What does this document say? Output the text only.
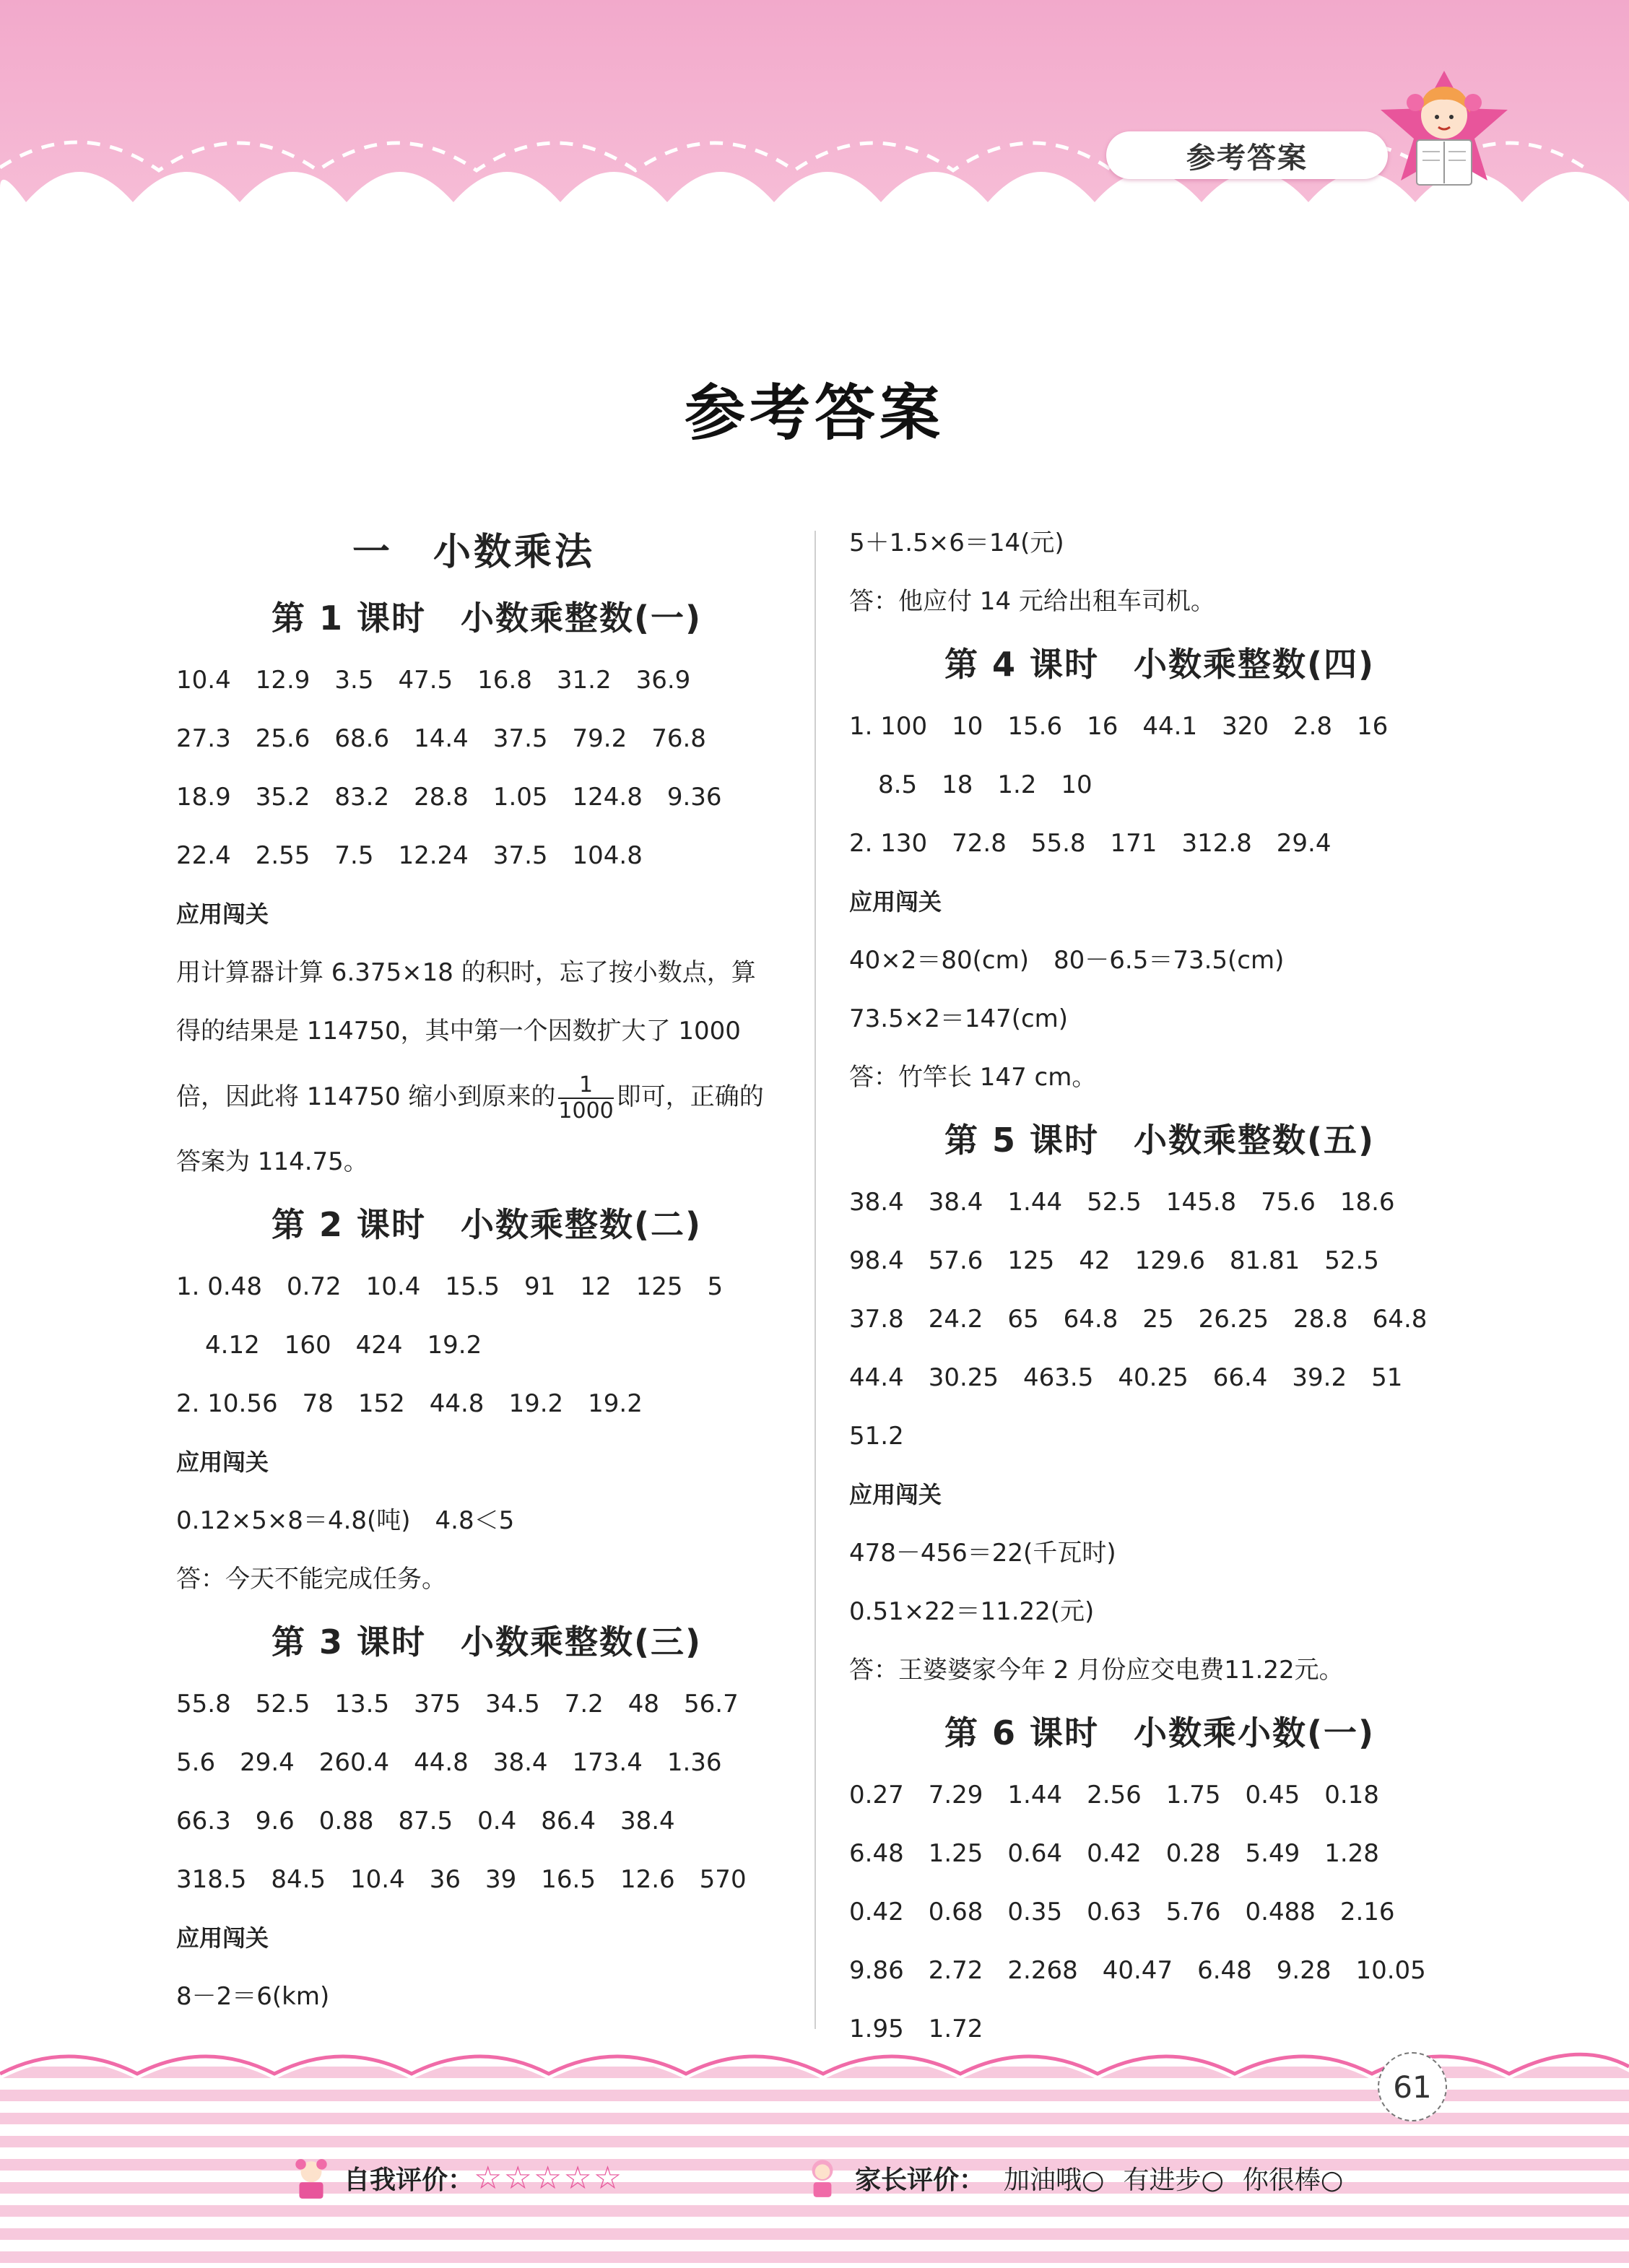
参考答案
参考答案
一　小数乘法
第 1 课时　小数乘整数(一)
10.4　12.9　3.5　47.5　16.8　31.2　36.9
27.3　25.6　68.6　14.4　37.5　79.2　76.8
18.9　35.2　83.2　28.8　1.05　124.8　9.36
22.4　2.55　7.5　12.24　37.5　104.8
应用闯关
用计算器计算 6.375×18 的积时，忘了按小数点，算
得的结果是 114750，其中第一个因数扩大了 1000
倍，因此将 114750 缩小到原来的 $\frac{1}{1000}$ 即可，正确的
答案为 114.75。
第 2 课时　小数乘整数(二)
1. 0.48　0.72　10.4　15.5　91　12　125　5
4.12　160　424　19.2
2. 10.56　78　152　44.8　19.2　19.2
应用闯关
0.12×5×8＝4.8(吨)　4.8＜5
答：今天不能完成任务。
第 3 课时　小数乘整数(三)
55.8　52.5　13.5　375　34.5　7.2　48　56.7
5.6　29.4　260.4　44.8　38.4　173.4　1.36
66.3　9.6　0.88　87.5　0.4　86.4　38.4
318.5　84.5　10.4　36　39　16.5　12.6　570
应用闯关
8－2＝6(km)
5＋1.5×6＝14(元)
答：他应付 14 元给出租车司机。
第 4 课时　小数乘整数(四)
1. 100　10　15.6　16　44.1　320　2.8　16
8.5　18　1.2　10
2. 130　72.8　55.8　171　312.8　29.4
应用闯关
40×2＝80(cm)　80－6.5＝73.5(cm)
73.5×2＝147(cm)
答：竹竿长 147 cm。
第 5 课时　小数乘整数(五)
38.4　38.4　1.44　52.5　145.8　75.6　18.6
98.4　57.6　125　42　129.6　81.81　52.5
37.8　24.2　65　64.8　25　26.25　28.8　64.8
44.4　30.25　463.5　40.25　66.4　39.2　51
51.2
应用闯关
478－456＝22(千瓦时)
0.51×22＝11.22(元)
答：王婆婆家今年 2 月份应交电费11.22元。
第 6 课时　小数乘小数(一)
0.27　7.29　1.44　2.56　1.75　0.45　0.18
6.48　1.25　0.64　0.42　0.28　5.49　1.28
0.42　0.68　0.35　0.63　5.76　0.488　2.16
9.86　2.72　2.268　40.47　6.48　9.28　10.05
1.95　1.72
61
自我评价： ☆☆☆☆☆	家长评价： 加油哦○ 有进步○ 你很棒○
